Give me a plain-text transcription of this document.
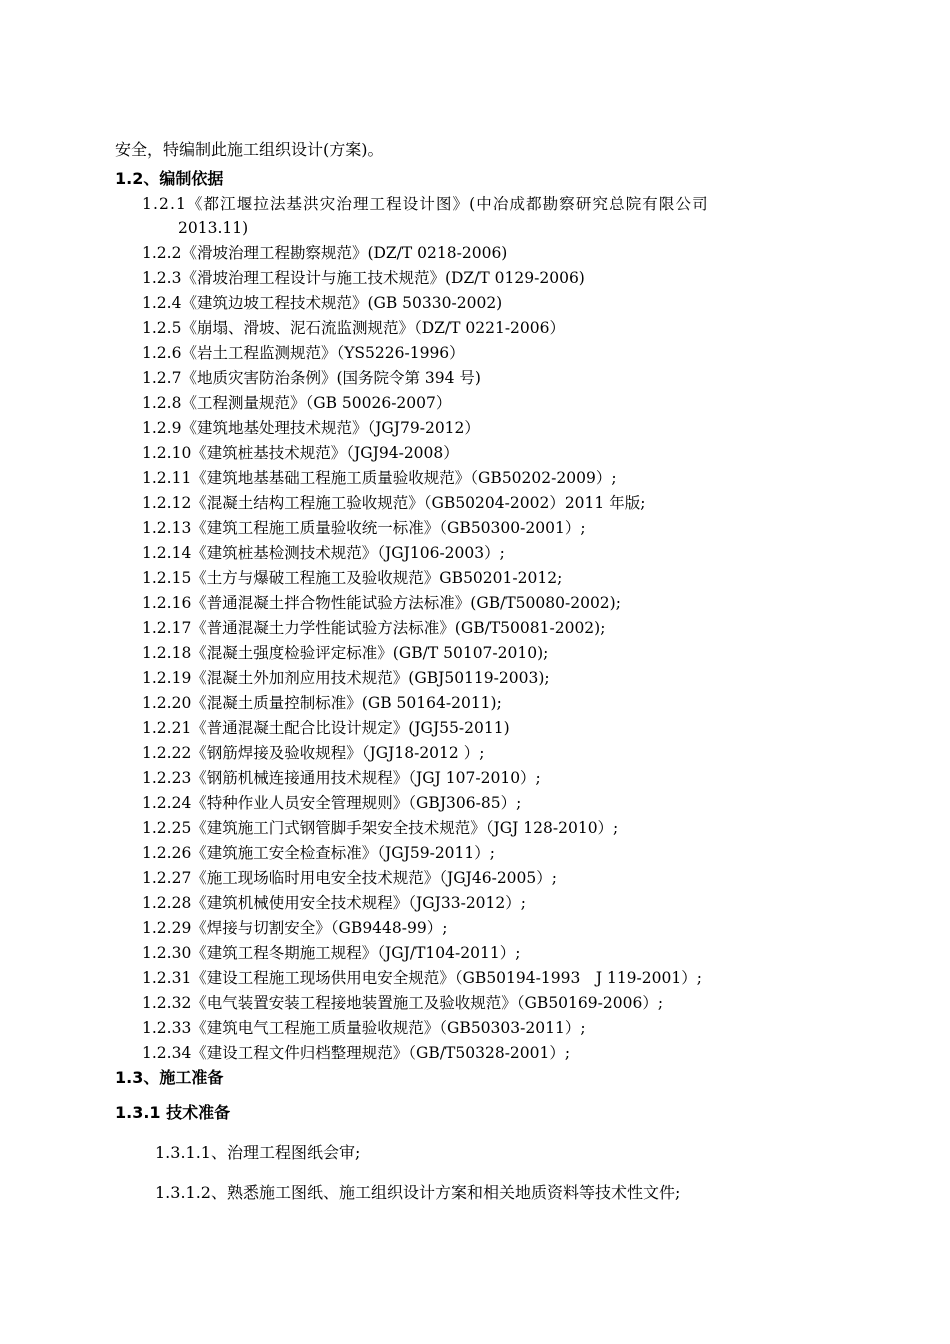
安全，特编制此施工组织设计(方案)。
1.2、编制依据
1.2.1《都江堰拉法基洪灾治理工程设计图》(中冶成都勘察研究总院有限公司
2013.11)
1.2.2《滑坡治理工程勘察规范》(DZ/T 0218-2006)
1.2.3《滑坡治理工程设计与施工技术规范》(DZ/T 0129-2006)
1.2.4《建筑边坡工程技术规范》(GB 50330-2002)
1.2.5《崩塌、滑坡、泥石流监测规范》（DZ/T 0221-2006）
1.2.6《岩土工程监测规范》（YS5226-1996）
1.2.7《地质灾害防治条例》(国务院令第 394 号)
1.2.8《工程测量规范》（GB 50026-2007）
1.2.9《建筑地基处理技术规范》（JGJ79-2012）
1.2.10《建筑桩基技术规范》（JGJ94-2008）
1.2.11《建筑地基基础工程施工质量验收规范》（GB50202-2009）;
1.2.12《混凝土结构工程施工验收规范》（GB50204-2002）2011 年版;
1.2.13《建筑工程施工质量验收统一标准》（GB50300-2001）;
1.2.14《建筑桩基检测技术规范》（JGJ106-2003）;
1.2.15《土方与爆破工程施工及验收规范》GB50201-2012;
1.2.16《普通混凝土拌合物性能试验方法标准》(GB/T50080-2002);
1.2.17《普通混凝土力学性能试验方法标准》(GB/T50081-2002);
1.2.18《混凝土强度检验评定标准》(GB/T 50107-2010);
1.2.19《混凝土外加剂应用技术规范》(GBJ50119-2003);
1.2.20《混凝土质量控制标准》(GB 50164-2011);
1.2.21《普通混凝土配合比设计规定》(JGJ55-2011)
1.2.22《钢筋焊接及验收规程》（JGJ18-2012 ）;
1.2.23《钢筋机械连接通用技术规程》（JGJ 107-2010）;
1.2.24《特种作业人员安全管理规则》（GBJ306-85）;
1.2.25《建筑施工门式钢管脚手架安全技术规范》（JGJ 128-2010）;
1.2.26《建筑施工安全检查标准》（JGJ59-2011）;
1.2.27《施工现场临时用电安全技术规范》（JGJ46-2005）;
1.2.28《建筑机械使用安全技术规程》（JGJ33-2012）;
1.2.29《焊接与切割安全》（GB9448-99）;
1.2.30《建筑工程冬期施工规程》（JGJ/T104-2011）;
1.2.31《建设工程施工现场供用电安全规范》（GB50194-1993　J 119-2001）;
1.2.32《电气装置安装工程接地装置施工及验收规范》（GB50169-2006）;
1.2.33《建筑电气工程施工质量验收规范》（GB50303-2011）;
1.2.34《建设工程文件归档整理规范》（GB/T50328-2001）;
1.3、施工准备
1.3.1 技术准备
1.3.1.1、治理工程图纸会审;
1.3.1.2、熟悉施工图纸、施工组织设计方案和相关地质资料等技术性文件;
